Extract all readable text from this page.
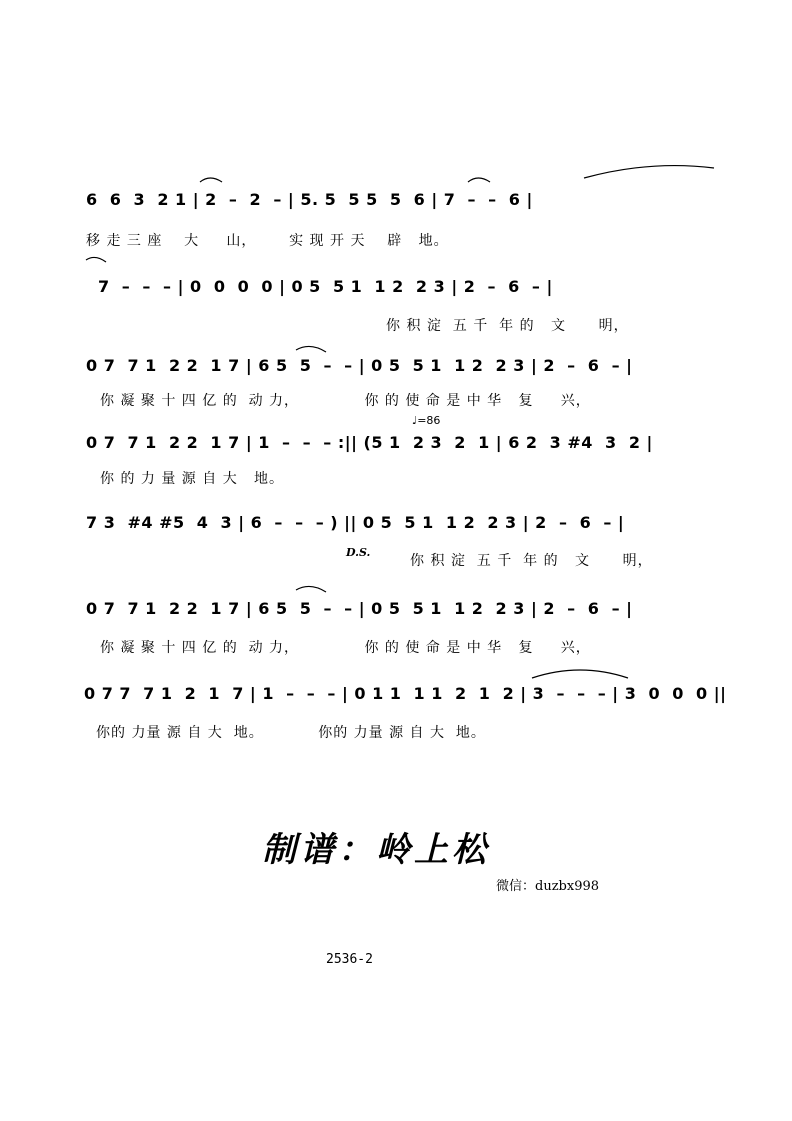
6  6  3  2 1 | 2  –  2  – | 5. 5  5 5  5  6 | 7  –  –  6 |
移 走 三 座    大     山，      实 现 开 天    辟   地。
7  –  –  – | 0  0  0  0 | 0 5  5 1  1 2  2 3 | 2  –  6  – |
你 积 淀  五 千  年 的   文      明，
0 7  7 1  2 2  1 7 | 6 5  5  –  – | 0 5  5 1  1 2  2 3 | 2  –  6  – |
你 凝 聚 十 四 亿 的  动 力，            你 的 使 命 是 中 华   复     兴，
♩=86
0 7  7 1  2 2  1 7 | 1  –  –  – :|| (5 1  2 3  2  1 | 6 2  3 #4  3  2 |
你 的 力 量 源 自 大   地。
7 3  #4 #5  4  3 | 6  –  –  – ) || 0 5  5 1  1 2  2 3 | 2  –  6  – |
D.S.
你 积 淀  五 千  年 的   文      明，
0 7  7 1  2 2  1 7 | 6 5  5  –  – | 0 5  5 1  1 2  2 3 | 2  –  6  – |
你 凝 聚 十 四 亿 的  动 力，            你 的 使 命 是 中 华   复     兴，
0 7 7  7 1  2  1  7 | 1  –  –  – | 0 1 1  1 1  2  1  2 | 3  –  –  – | 3  0  0  0 ||
你的 力量 源 自 大  地。          你的 力量 源 自 大  地。
制谱：岭上松
微信：duzbx998
2536-2
